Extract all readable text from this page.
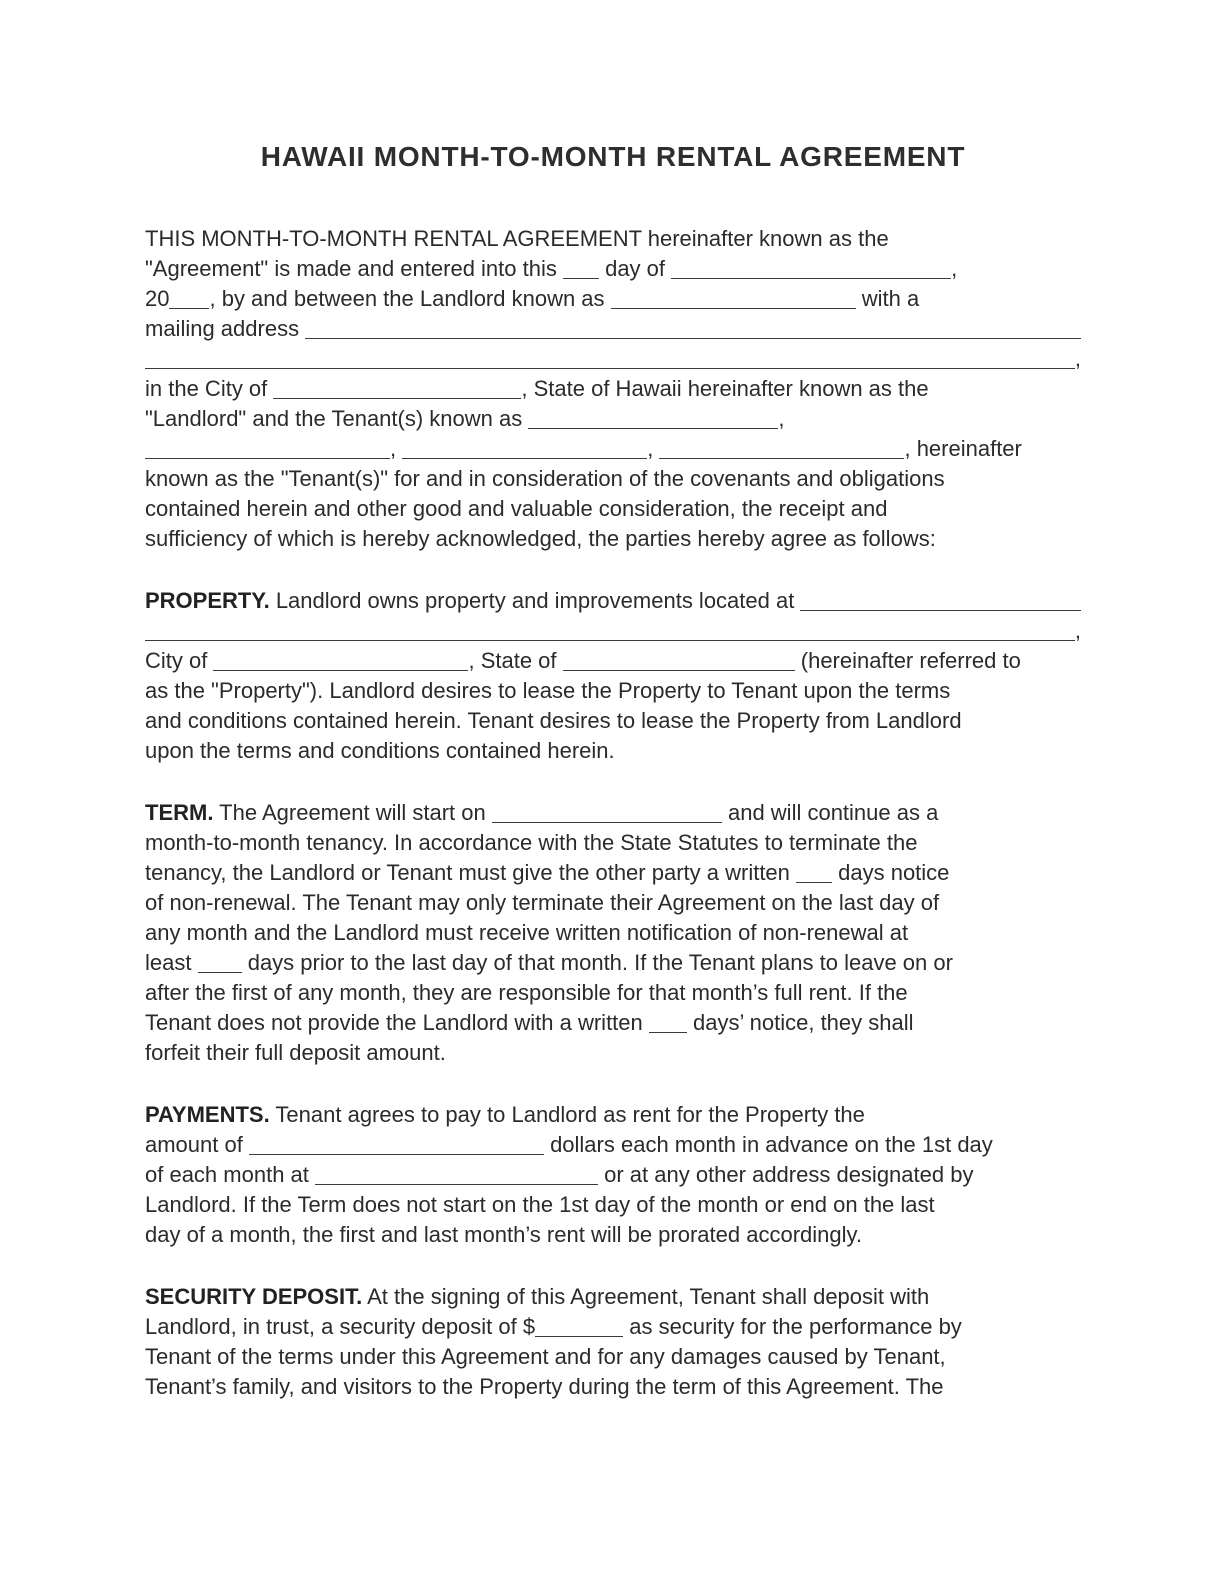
HAWAII MONTH-TO-MONTH RENTAL AGREEMENT
THIS MONTH-TO-MONTH RENTAL AGREEMENT hereinafter known as the
"Agreement" is made and entered into this day of	,
20 , by and between the Landlord known as	with a
mailing address
,
in the City of	, State of Hawaii hereinafter known as the
"Landlord" and the Tenant(s) known as	,
,	,	, hereinafter
known as the "Tenant(s)" for and in consideration of the covenants and obligations
contained herein and other good and valuable consideration, the receipt and
sufficiency of which is hereby acknowledged, the parties hereby agree as follows:
PROPERTY. Landlord owns property and improvements located at
,
City of	, State of	(hereinafter referred to
as the "Property"). Landlord desires to lease the Property to Tenant upon the terms
and conditions contained herein. Tenant desires to lease the Property from Landlord
upon the terms and conditions contained herein.
TERM. The Agreement will start on	and will continue as a
month-to-month tenancy. In accordance with the State Statutes to terminate the
tenancy, the Landlord or Tenant must give the other party a written days notice
of non-renewal. The Tenant may only terminate their Agreement on the last day of
any month and the Landlord must receive written notification of non-renewal at
least days prior to the last day of that month. If the Tenant plans to leave on or
after the first of any month, they are responsible for that month’s full rent. If the
Tenant does not provide the Landlord with a written days’ notice, they shall
forfeit their full deposit amount.
PAYMENTS. Tenant agrees to pay to Landlord as rent for the Property the
amount of	dollars each month in advance on the 1st day
of each month at	or at any other address designated by
Landlord. If the Term does not start on the 1st day of the month or end on the last
day of a month, the first and last month’s rent will be prorated accordingly.
SECURITY DEPOSIT. At the signing of this Agreement, Tenant shall deposit with
Landlord, in trust, a security deposit of $	as security for the performance by
Tenant of the terms under this Agreement and for any damages caused by Tenant,
Tenant’s family, and visitors to the Property during the term of this Agreement. The
